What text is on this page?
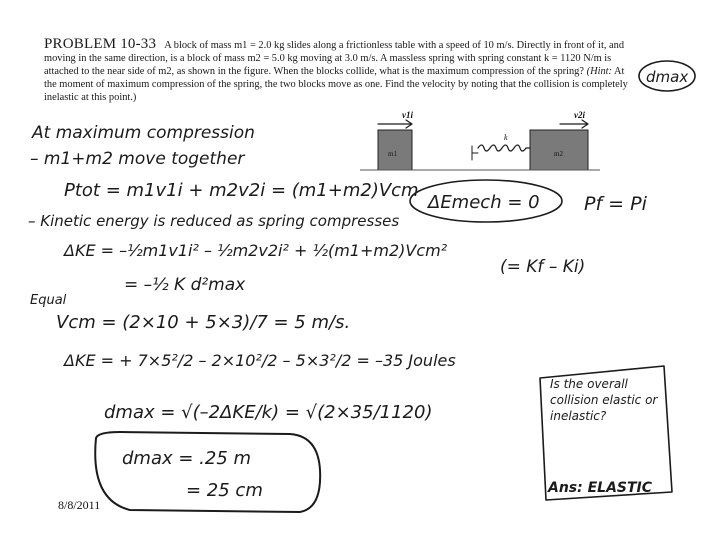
PROBLEM 10-33 A block of mass m1 = 2.0 kg slides along a frictionless table with a speed of 10 m/s. Directly in front of it, and moving in the same direction, is a block of mass m2 = 5.0 kg moving at 3.0 m/s. A massless spring with spring constant k = 1120 N/m is attached to the near side of m2, as shown in the figure. When the blocks collide, what is the maximum compression of the spring? (Hint: At the moment of maximum compression of the spring, the two blocks move as one. Find the velocity by noting that the collision is completely inelastic at this point.)
m1	m2
k
v1i	v2i
dmax
At maximum compression
– m1+m2 move together
Ptot = m1v1i + m2v2i = (m1+m2)Vcm
ΔEmech = 0 Pf = Pi
– Kinetic energy is reduced as spring compresses
ΔKE = –½m1v1i² – ½m2v2i² + ½(m1+m2)Vcm²
(= Kf – Ki)
= –½ K d²max
Equal
Vcm = (2×10 + 5×3)/7 = 5 m/s.
ΔKE = + 7×5²/2 – 2×10²/2 – 5×3²/2 = –35 Joules
dmax = √(–2ΔKE/k) = √(2×35/1120)
dmax = .25 m
= 25 cm
Is the overall collision elastic or inelastic?
Ans: ELASTIC
8/8/2011
